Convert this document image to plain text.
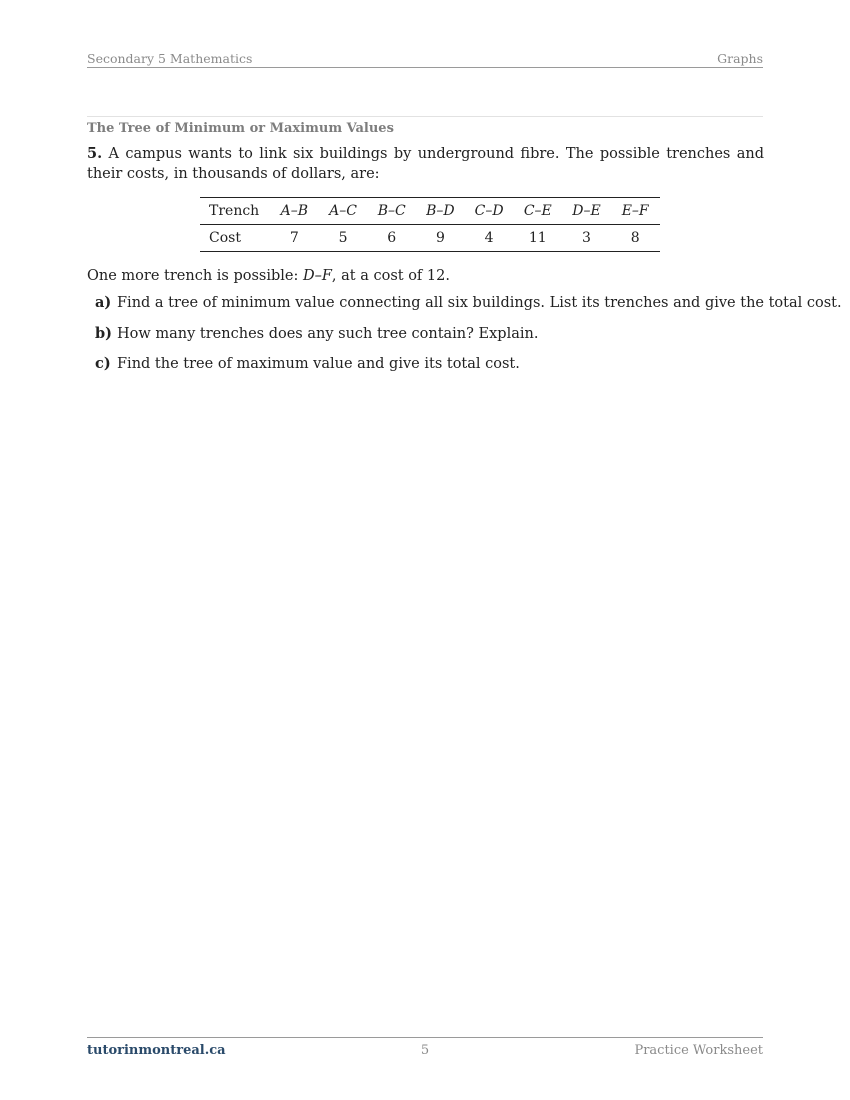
Secondary 5 Mathematics	Graphs
The Tree of Minimum or Maximum Values
5. A campus wants to link six buildings by underground fibre. The possible trenches and their costs, in thousands of dollars, are:
Trench	A–B	A–C	B–C	B–D	C–D	C–E	D–E	E–F
Cost	7	5	6	9	4	11	3	8
One more trench is possible: D–F, at a cost of 12.
a) Find a tree of minimum value connecting all six buildings. List its trenches and give the total cost.
b) How many trenches does any such tree contain? Explain.
c) Find the tree of maximum value and give its total cost.
tutorinmontreal.ca	5	Practice Worksheet
